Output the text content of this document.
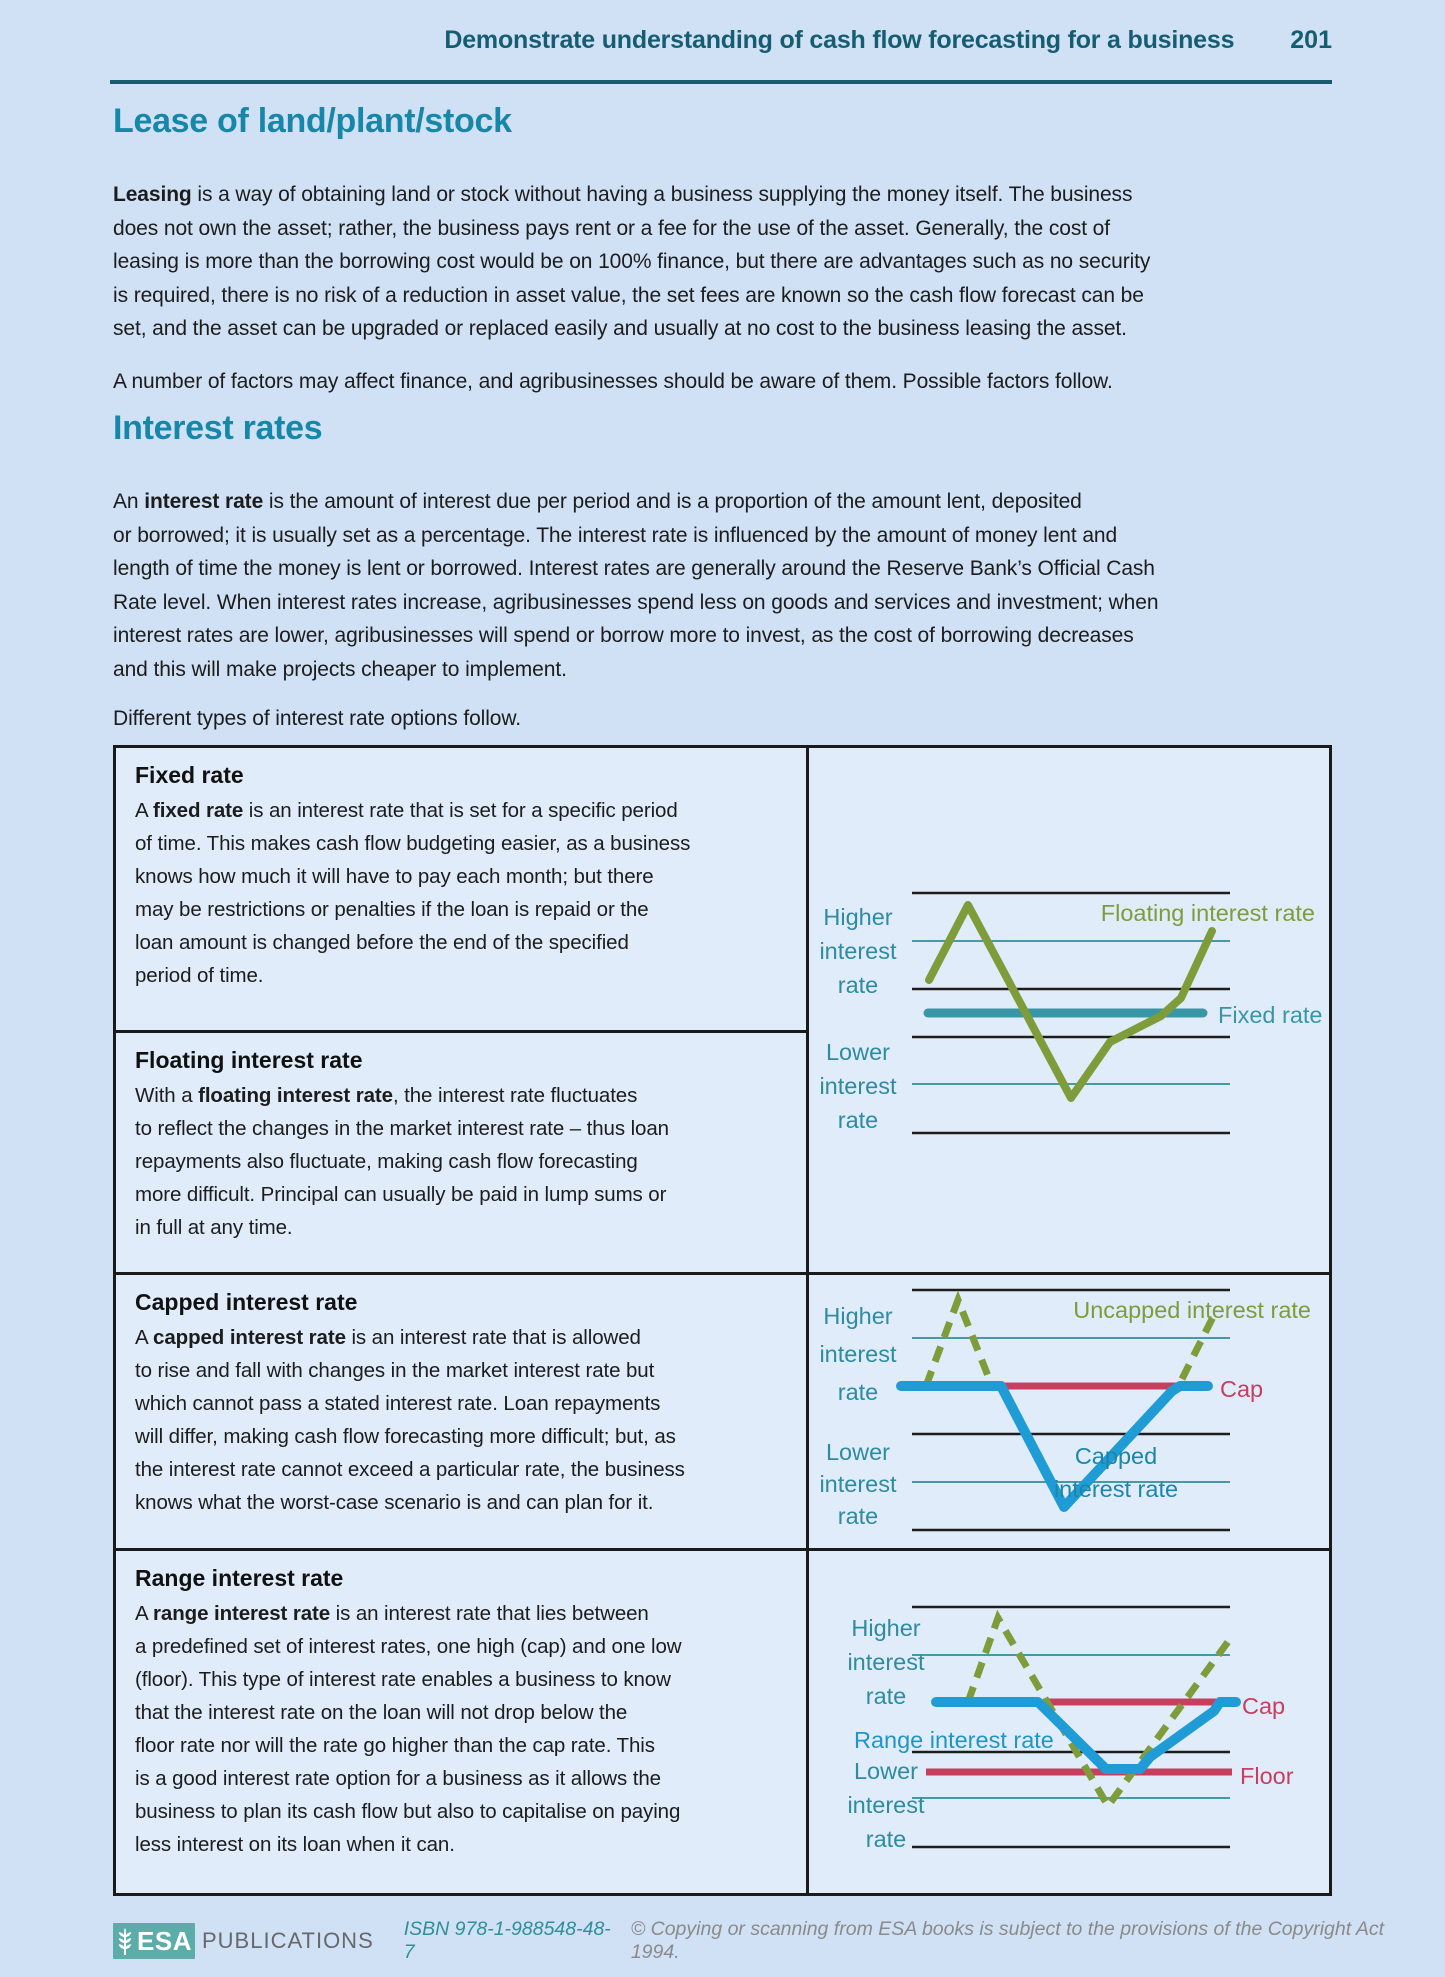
Demonstrate understanding of cash flow forecasting for a business 201
Lease of land/plant/stock

Leasing is a way of obtaining land or stock without having a business supplying the money itself. The business
does not own the asset; rather, the business pays rent or a fee for the use of the asset. Generally, the cost of
leasing is more than the borrowing cost would be on 100% finance, but there are advantages such as no security
is required, there is no risk of a reduction in asset value, the set fees are known so the cash flow forecast can be
set, and the asset can be upgraded or replaced easily and usually at no cost to the business leasing the asset.

A number of factors may affect finance, and agribusinesses should be aware of them. Possible factors follow.

Interest rates

An interest rate is the amount of interest due per period and is a proportion of the amount lent, deposited
or borrowed; it is usually set as a percentage. The interest rate is influenced by the amount of money lent and
length of time the money is lent or borrowed. Interest rates are generally around the Reserve Bank’s Official Cash
Rate level. When interest rates increase, agribusinesses spend less on goods and services and investment; when
interest rates are lower, agribusinesses will spend or borrow more to invest, as the cost of borrowing decreases
and this will make projects cheaper to implement.

Different types of interest rate options follow.

Fixed rate

A fixed rate is an interest rate that is set for a specific period
of time. This makes cash flow budgeting easier, as a business
knows how much it will have to pay each month; but there
may be restrictions or penalties if the loan is repaid or the
loan amount is changed before the end of the specified
period of time.

Floating interest rate

With a floating interest rate, the interest rate fluctuates
to reflect the changes in the market interest rate – thus loan
repayments also fluctuate, making cash flow forecasting
more difficult. Principal can usually be paid in lump sums or
in full at any time.

Capped interest rate

A capped interest rate is an interest rate that is allowed
to rise and fall with changes in the market interest rate but
which cannot pass a stated interest rate. Loan repayments
will differ, making cash flow forecasting more difficult; but, as
the interest rate cannot exceed a particular rate, the business
knows what the worst-case scenario is and can plan for it.

Range interest rate

A range interest rate is an interest rate that lies between
a predefined set of interest rates, one high (cap) and one low
(floor). This type of interest rate enables a business to know
that the interest rate on the loan will not drop below the
floor rate nor will the rate go higher than the cap rate. This
is a good interest rate option for a business as it allows the
business to plan its cash flow but also to capitalise on paying
less interest on its loan when it can.

Higher
interest
rate
Lower
interest
rate
Floating interest rate
Fixed rate
Higher
interest
rate
Lower
interest
rate
Uncapped interest rate
Cap
Capped
interest rate
Higher
interest
rate
Range interest rate
Lower
interest
rate
Cap
Floor
ESA PUBLICATIONS ISBN 978-1-988548-48-7
© Copying or scanning from ESA books is subject to the provisions of the Copyright Act 1994.
